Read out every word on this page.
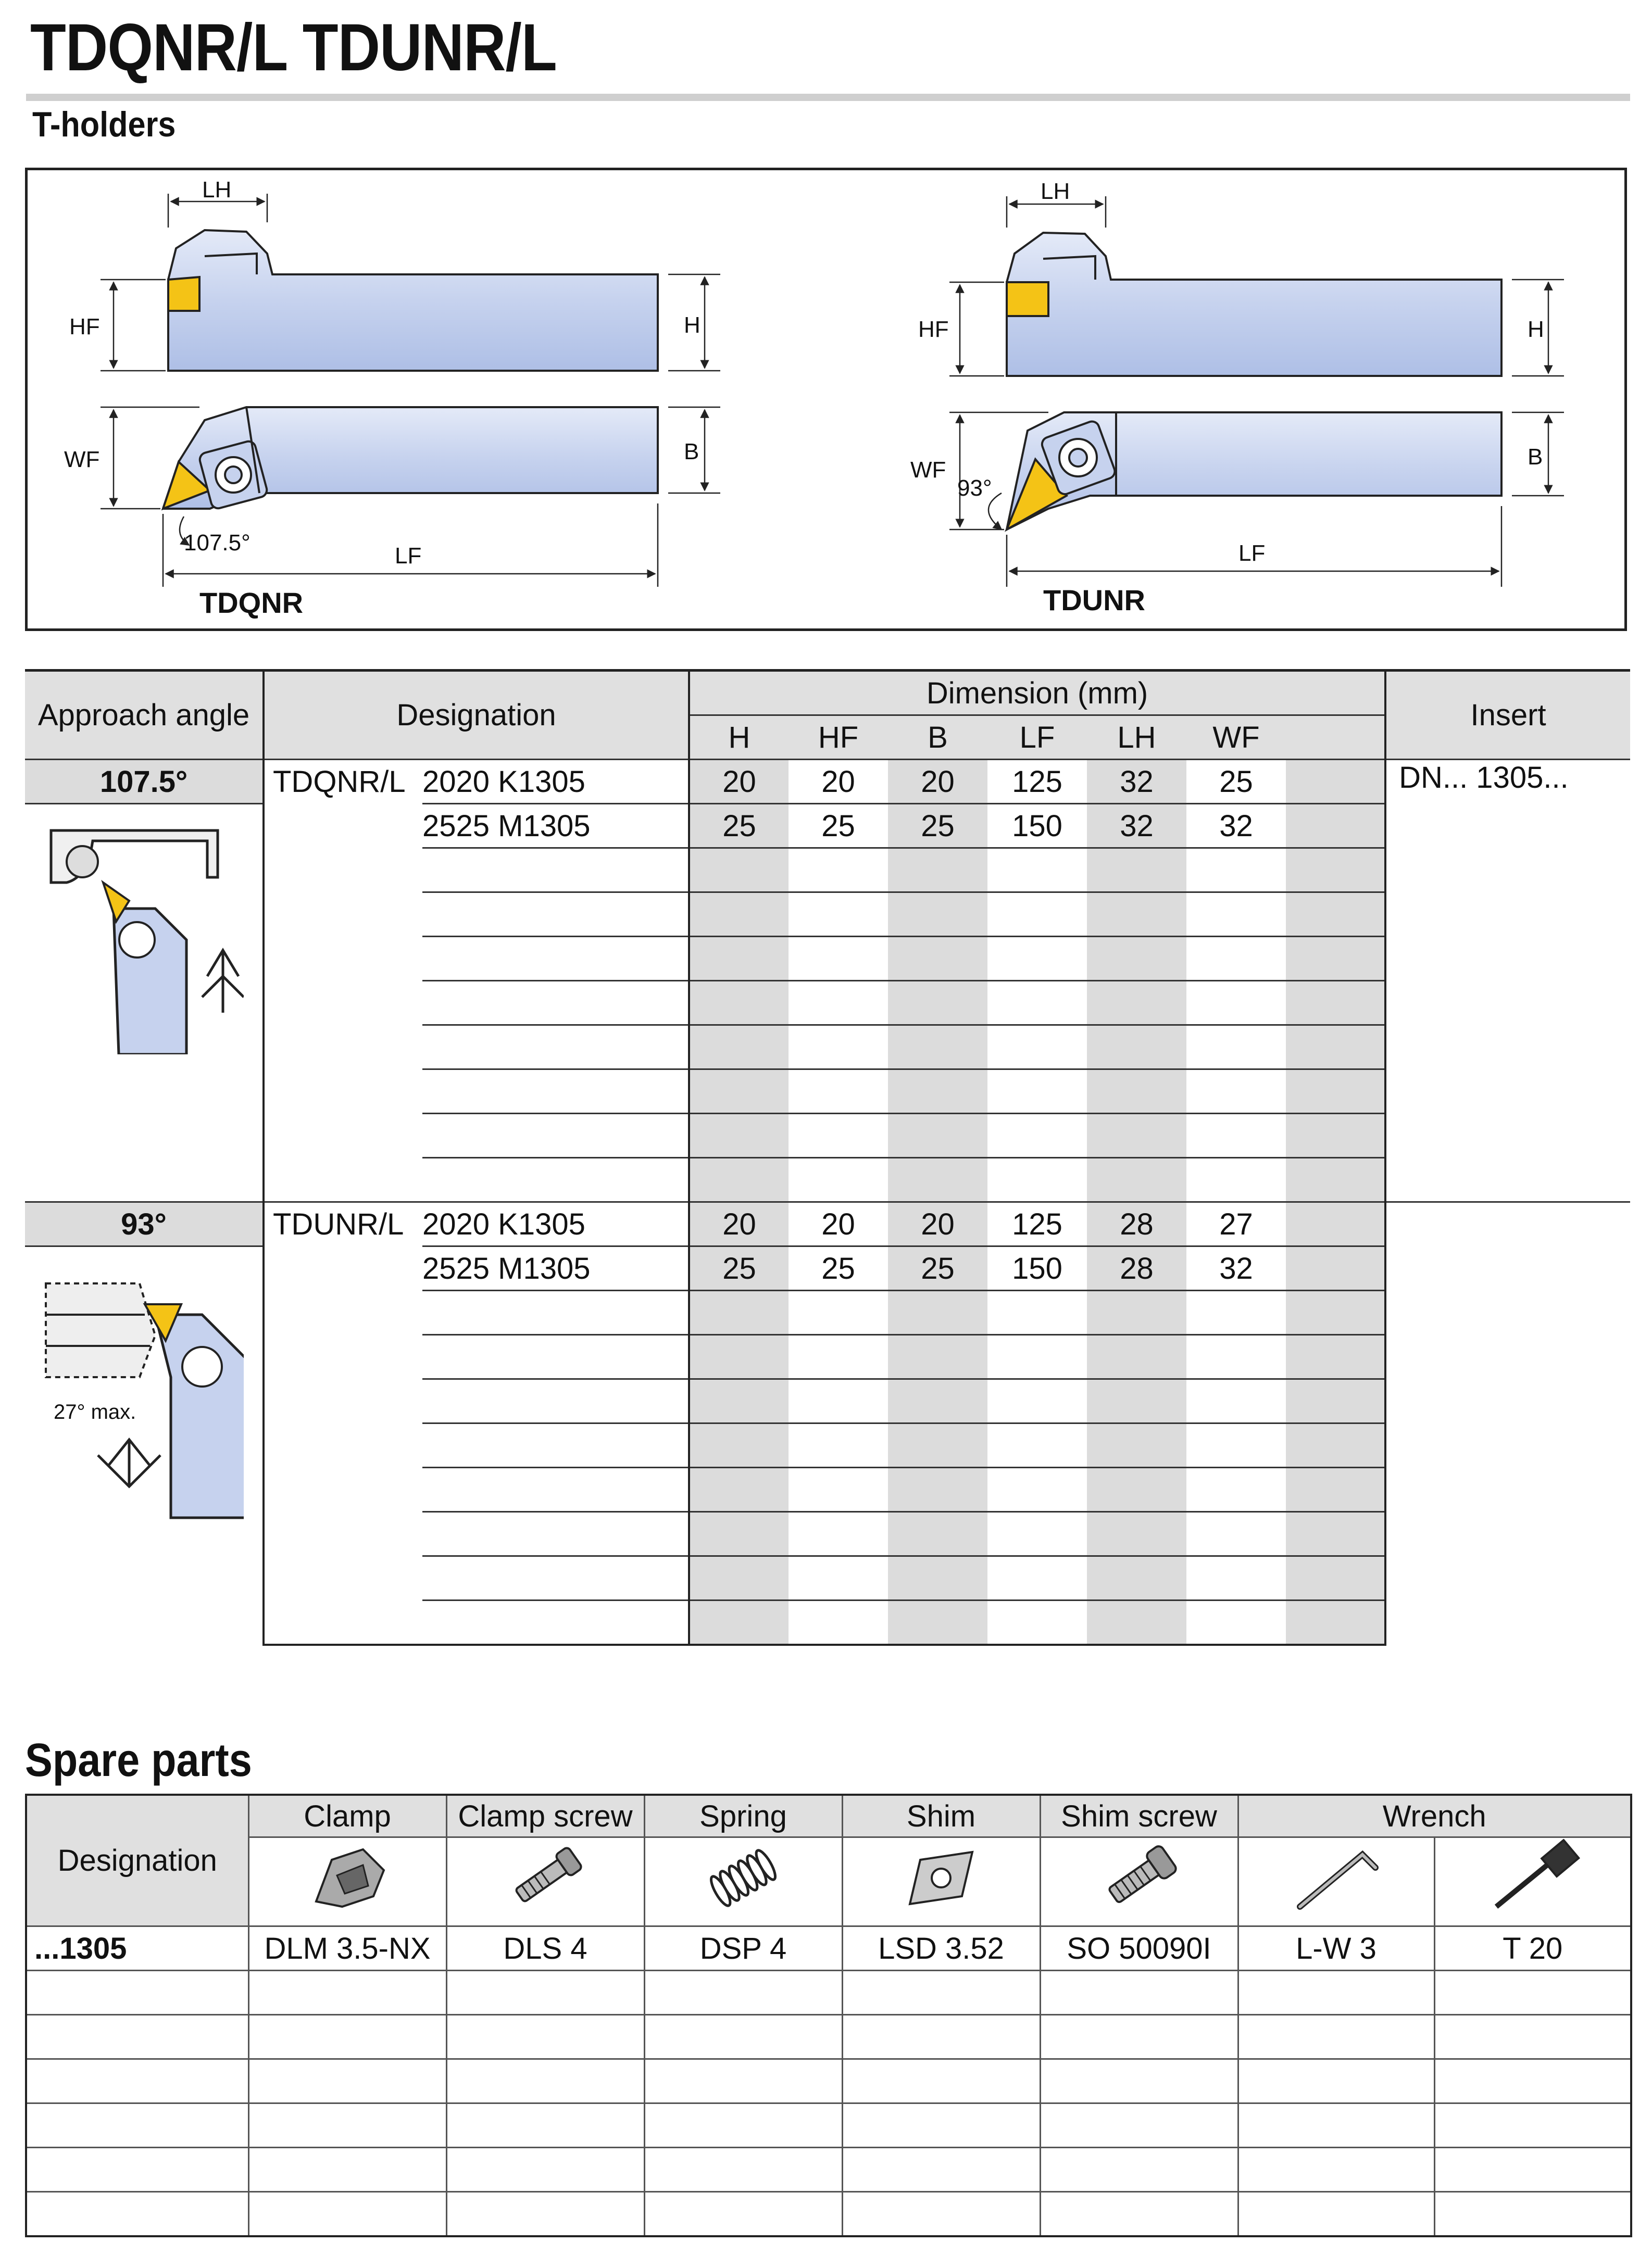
TDQNR/L TDUNR/L
T-holders
LH
HF	H
WF	B
LF
107.5°
TDQNR
LH
HF	H
WF
B
LF
93°
TDUNR
Approach angle	Designation		Dimension (mm)							Insert
			H	HF	B	LF	LH	WF		
107.5°	TDQNR/L	2020 K1305	20	20	20	125	32	25		DN... 1305...
		2525 M1305	25	25	25	150	32	32		

93°	TDUNR/L	2020 K1305	20	20	20	125	28	27		

27° max.		2525 M1305	25	25	25	150	28	32		

Spare parts
Designation	Clamp	Clamp screw	Spring	Shim	Shim screw	Wrench	

...1305	DLM 3.5-NX	DLS 4	DSP 4	LSD 3.52	SO 50090I	L-W 3	T 20
